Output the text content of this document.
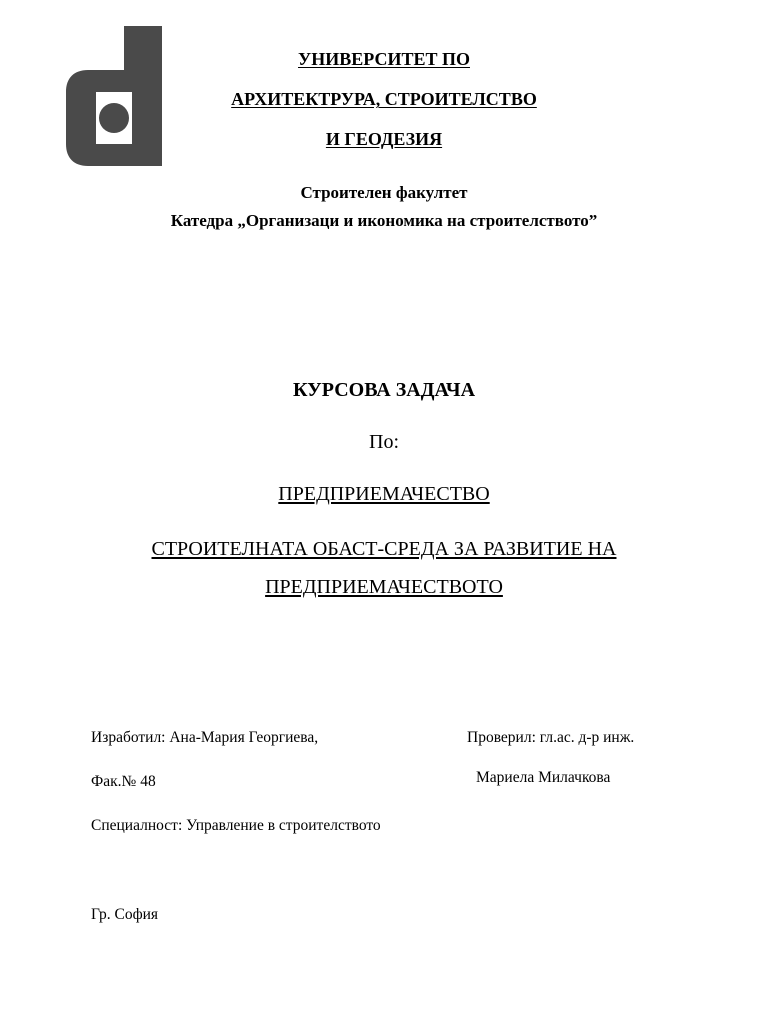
УНИВЕРСИТЕТ ПО
АРХИТЕКТРУРА, СТРОИТЕЛСТВО
И ГЕОДЕЗИЯ
Строителен факултет
Катедра „Организаци и икономика на строителството”
КУРСОВА ЗАДАЧА
По:
ПРЕДПРИЕМАЧЕСТВО
СТРОИТЕЛНАТА ОБАСТ-СРЕДА ЗА РАЗВИТИЕ НА
ПРЕДПРИЕМАЧЕСТВОТО
Изработил: Ана-Мария Георгиева,
Фак.№ 48
Специалност: Управление в строителството
Проверил: гл.ас. д-р инж.
Мариела Милачкова
Гр. София
